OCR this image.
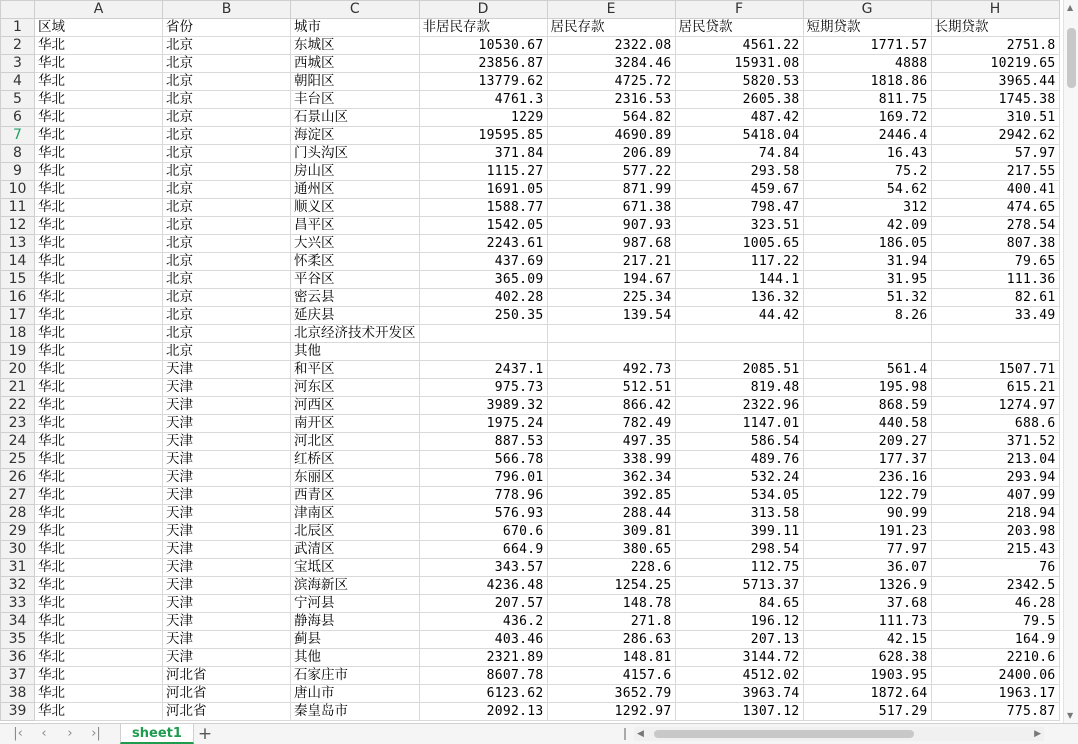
	A	B	C	D	E	F	G	H
1	区域	省份	城市	非居民存款	居民存款	居民贷款	短期贷款	长期贷款
2	华北	北京	东城区	10530.67	2322.08	4561.22	1771.57	2751.8
3	华北	北京	西城区	23856.87	3284.46	15931.08	4888	10219.65
4	华北	北京	朝阳区	13779.62	4725.72	5820.53	1818.86	3965.44
5	华北	北京	丰台区	4761.3	2316.53	2605.38	811.75	1745.38
6	华北	北京	石景山区	1229	564.82	487.42	169.72	310.51
7	华北	北京	海淀区	19595.85	4690.89	5418.04	2446.4	2942.62
8	华北	北京	门头沟区	371.84	206.89	74.84	16.43	57.97
9	华北	北京	房山区	1115.27	577.22	293.58	75.2	217.55
10	华北	北京	通州区	1691.05	871.99	459.67	54.62	400.41
11	华北	北京	顺义区	1588.77	671.38	798.47	312	474.65
12	华北	北京	昌平区	1542.05	907.93	323.51	42.09	278.54
13	华北	北京	大兴区	2243.61	987.68	1005.65	186.05	807.38
14	华北	北京	怀柔区	437.69	217.21	117.22	31.94	79.65
15	华北	北京	平谷区	365.09	194.67	144.1	31.95	111.36
16	华北	北京	密云县	402.28	225.34	136.32	51.32	82.61
17	华北	北京	延庆县	250.35	139.54	44.42	8.26	33.49
18	华北	北京	北京经济技术开发区					
19	华北	北京	其他					
20	华北	天津	和平区	2437.1	492.73	2085.51	561.4	1507.71
21	华北	天津	河东区	975.73	512.51	819.48	195.98	615.21
22	华北	天津	河西区	3989.32	866.42	2322.96	868.59	1274.97
23	华北	天津	南开区	1975.24	782.49	1147.01	440.58	688.6
24	华北	天津	河北区	887.53	497.35	586.54	209.27	371.52
25	华北	天津	红桥区	566.78	338.99	489.76	177.37	213.04
26	华北	天津	东丽区	796.01	362.34	532.24	236.16	293.94
27	华北	天津	西青区	778.96	392.85	534.05	122.79	407.99
28	华北	天津	津南区	576.93	288.44	313.58	90.99	218.94
29	华北	天津	北辰区	670.6	309.81	399.11	191.23	203.98
30	华北	天津	武清区	664.9	380.65	298.54	77.97	215.43
31	华北	天津	宝坻区	343.57	228.6	112.75	36.07	76
32	华北	天津	滨海新区	4236.48	1254.25	5713.37	1326.9	2342.5
33	华北	天津	宁河县	207.57	148.78	84.65	37.68	46.28
34	华北	天津	静海县	436.2	271.8	196.12	111.73	79.5
35	华北	天津	蓟县	403.46	286.63	207.13	42.15	164.9
36	华北	天津	其他	2321.89	148.81	3144.72	628.38	2210.6
37	华北	河北省	石家庄市	8607.78	4157.6	4512.02	1903.95	2400.06
38	华北	河北省	唐山市	6123.62	3652.79	3963.74	1872.64	1963.17
39	华北	河北省	秦皇岛市	2092.13	1292.97	1307.12	517.29	775.87
▲
▼
|‹	‹	›	›|	sheet1 +	◀	▶
